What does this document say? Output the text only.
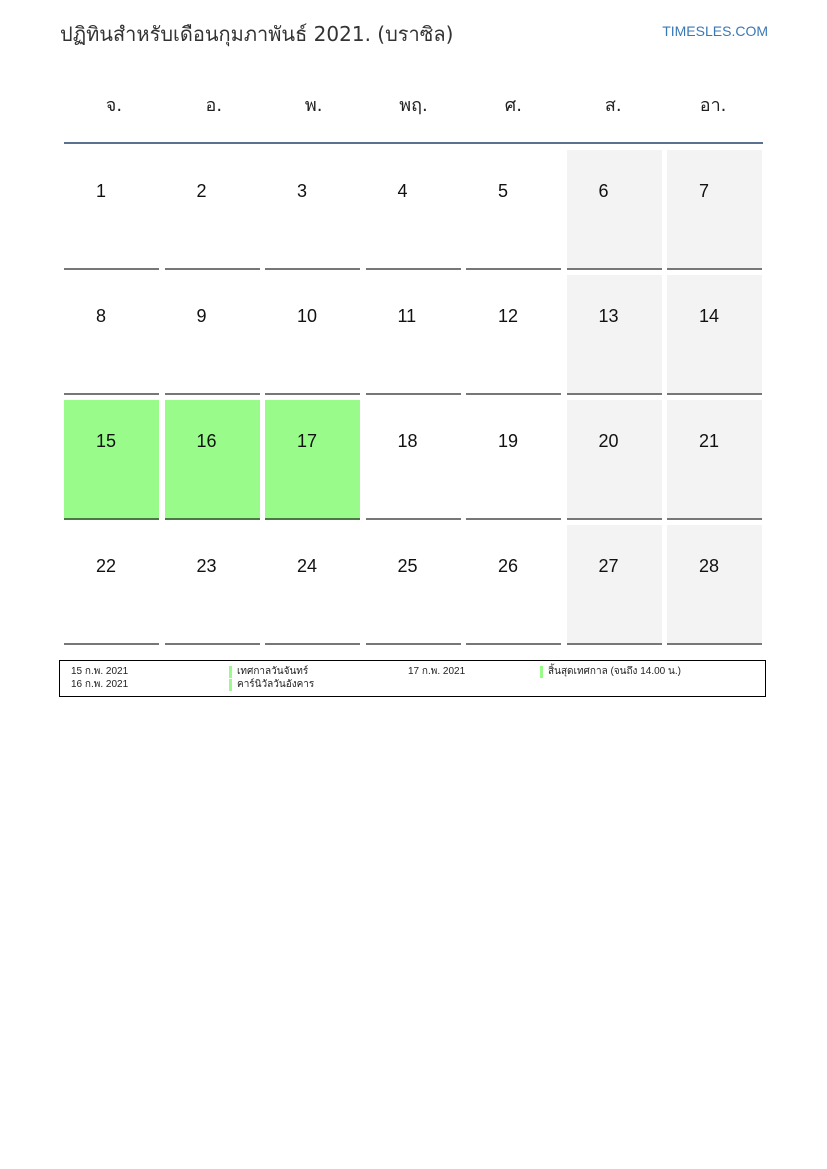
ปฏิทินสำหรับเดือนกุมภาพันธ์ 2021. (บราซิล)	TIMESLES.COM
จ.	อ.	พ.	พฤ.	ศ.	ส.	อา.
1	2	3	4	5	6	7
8	9	10	11	12	13	14
15	16	17	18	19	20	21
22	23	24	25	26	27	28
15 ก.พ. 2021	เทศกาลวันจันทร์
16 ก.พ. 2021	คาร์นิวัลวันอังคาร
17 ก.พ. 2021	สิ้นสุดเทศกาล (จนถึง 14.00 น.)
